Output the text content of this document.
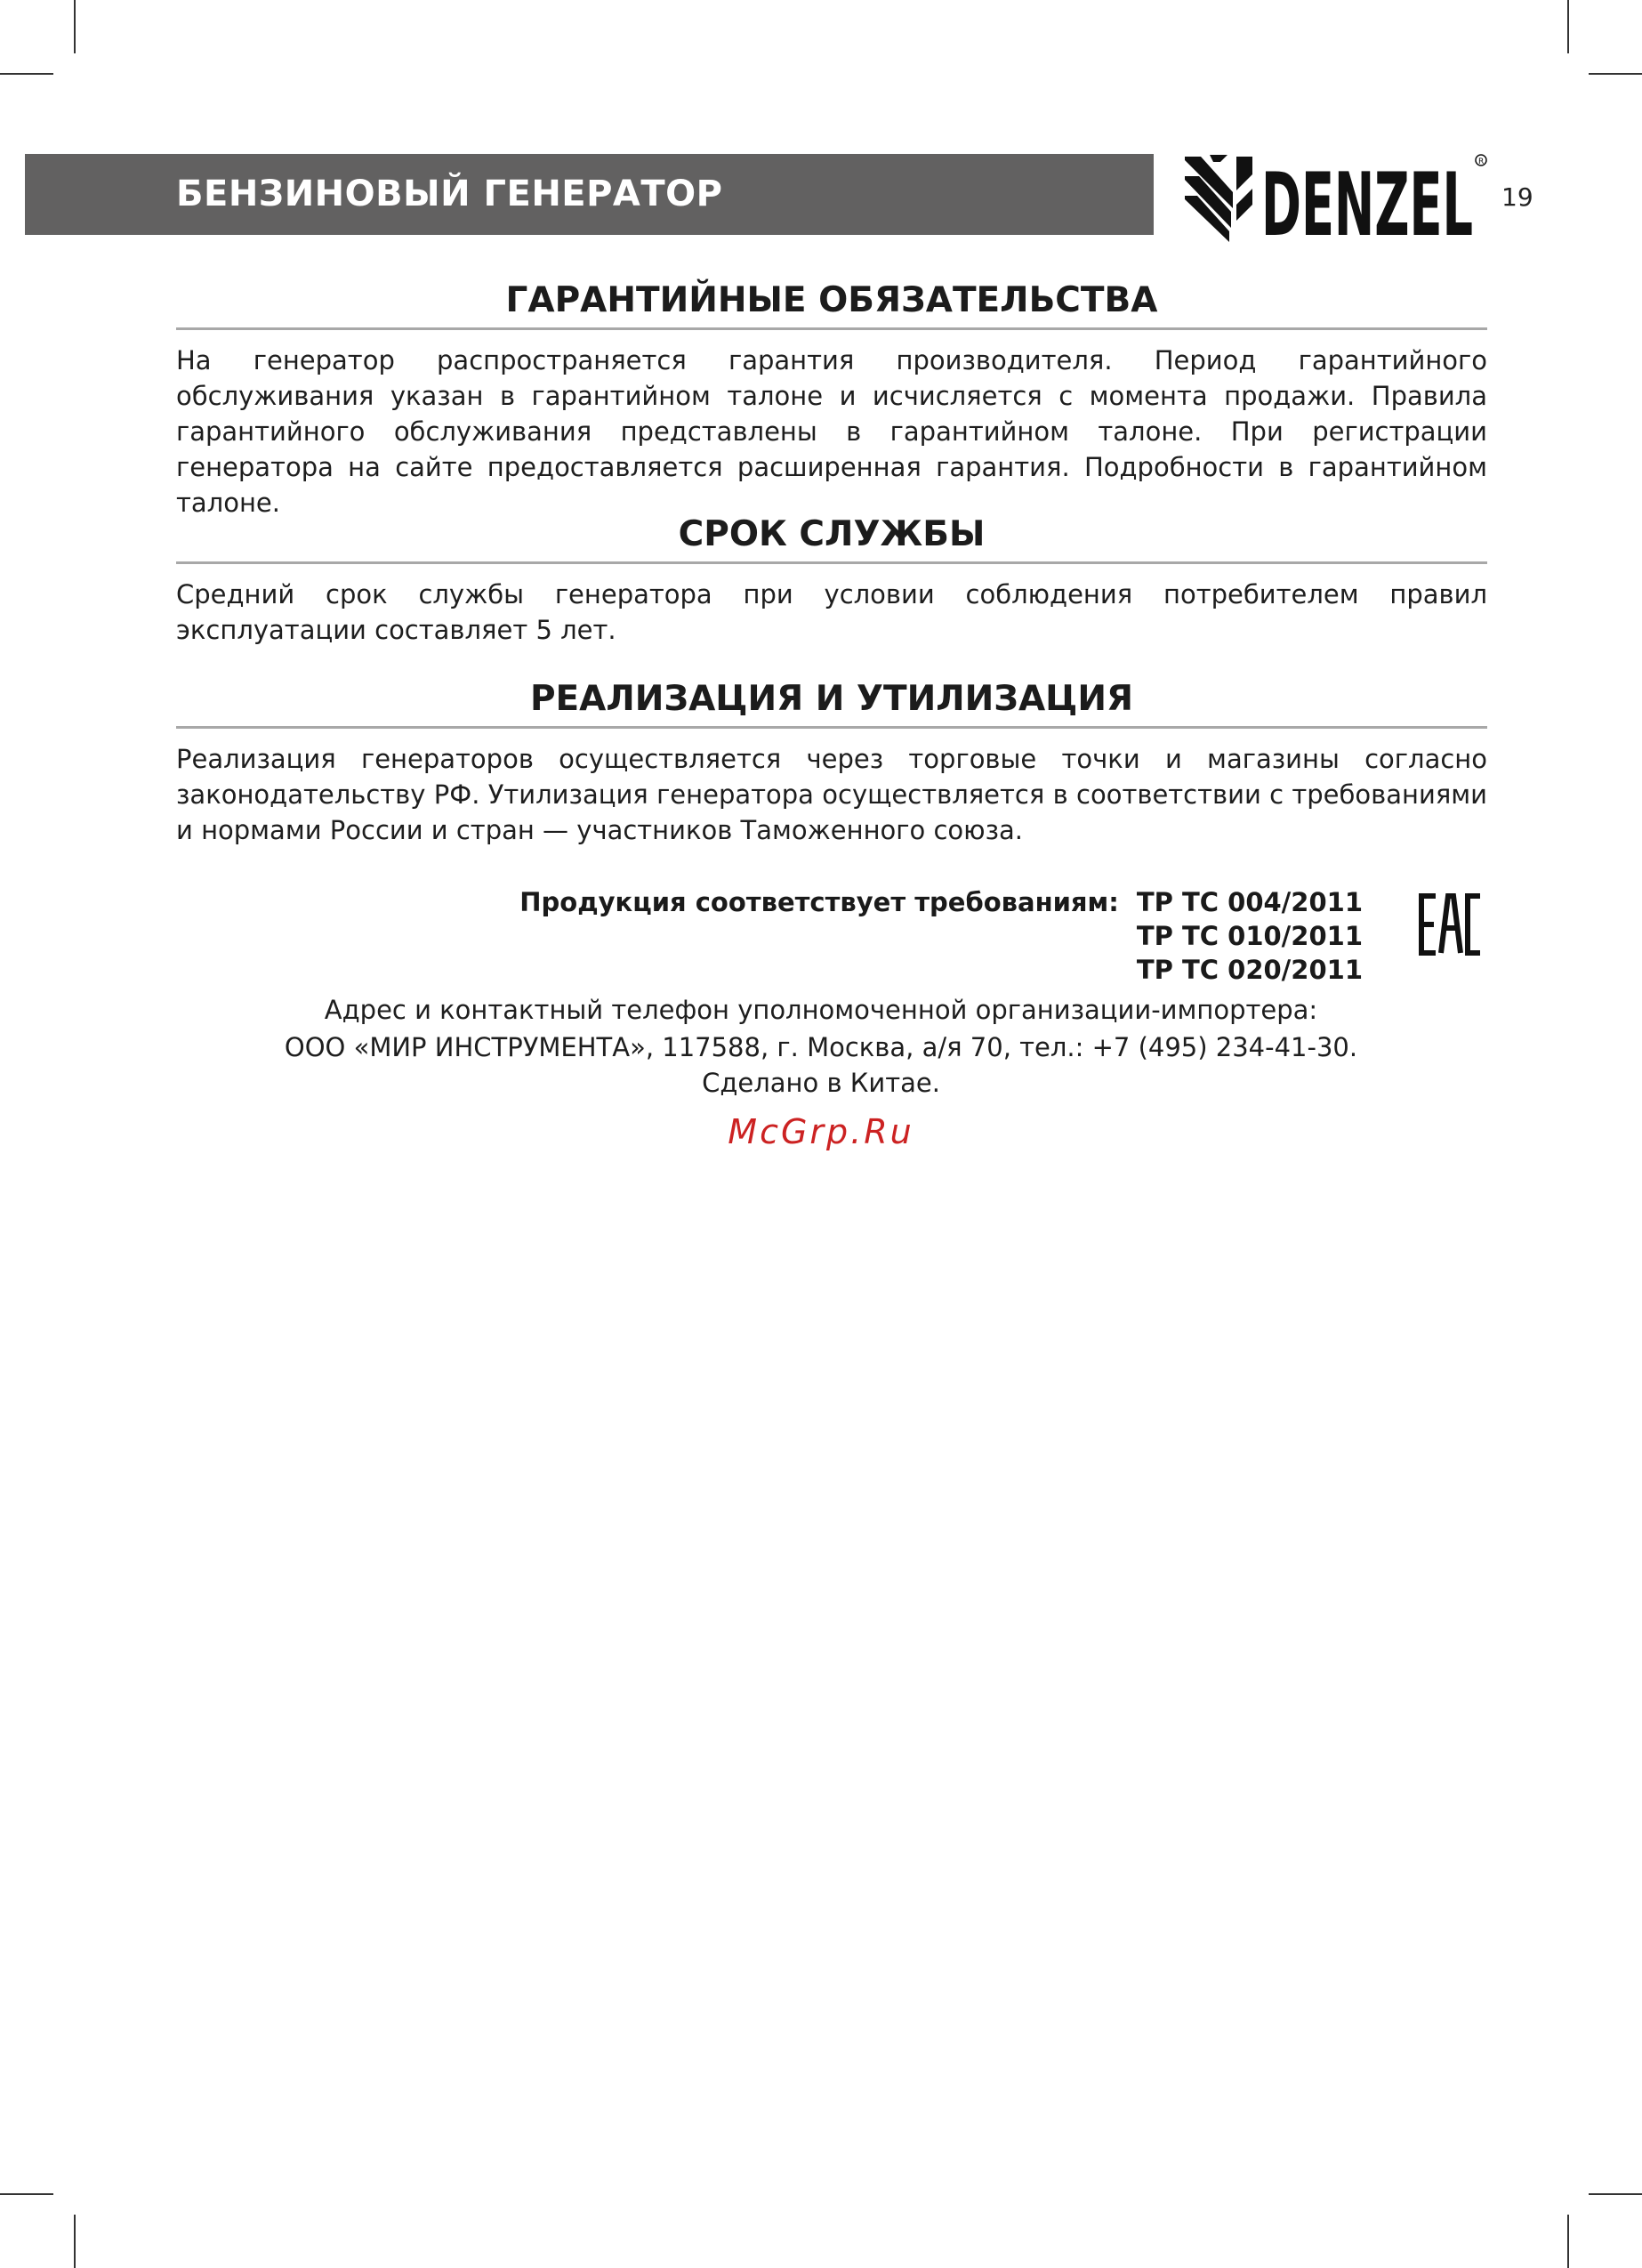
БЕНЗИНОВЫЙ ГЕНЕРАТОР	DENZEL R
19
ГАРАНТИЙНЫЕ ОБЯЗАТЕЛЬСТВА

На генератор распространяется гарантия производителя. Период гарантийного обслуживания указан в гарантийном талоне и исчисляется с момента продажи. Правила гарантийного обслуживания представлены в гарантийном талоне. При регистрации генератора на сайте предоставляется расширенная гарантия. Подробности в гарантийном талоне.

СРОК СЛУЖБЫ

Средний срок службы генератора при условии соблюдения потребителем правил эксплуатации составляет 5 лет.

РЕАЛИЗАЦИЯ И УТИЛИЗАЦИЯ

Реализация генераторов осуществляется через торговые точки и магазины согласно законодательству РФ. Утилизация генератора осуществляется в соответствии с требованиями и нормами России и стран — участников Таможенного союза.

Продукция соответствует требованиям: ТР ТС 004/2011
ТР ТС 010/2011
ТР ТС 020/2011
Адрес и контактный телефон уполномоченной организации-импортера:
ООО «МИР ИНСТРУМЕНТА», 117588, г. Москва, а/я 70, тел.: +7 (495) 234-41-30.
Сделано в Китае.
McGrp.Ru
